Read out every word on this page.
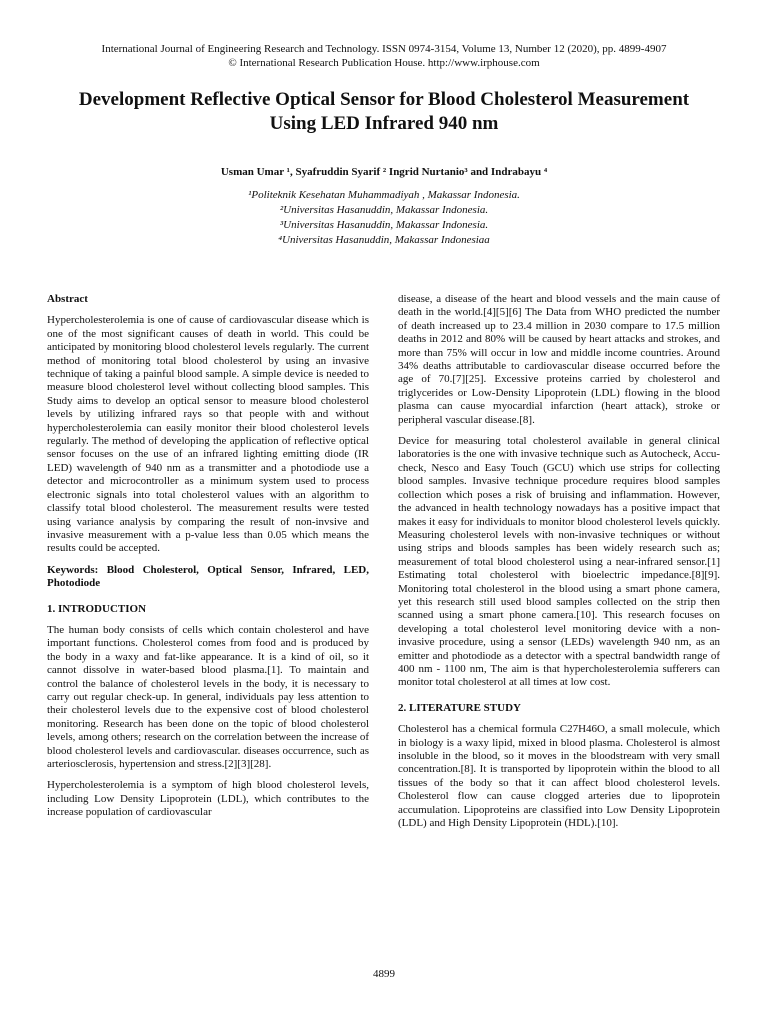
International Journal of Engineering Research and Technology. ISSN 0974-3154, Volume 13, Number 12 (2020), pp. 4899-4907
© International Research Publication House. http://www.irphouse.com
Development Reflective Optical Sensor for Blood Cholesterol Measurement
Using LED Infrared 940 nm
Usman Umar ¹, Syafruddin Syarif ² Ingrid Nurtanio³ and Indrabayu ⁴
¹Politeknik Kesehatan Muhammadiyah , Makassar Indonesia.
²Universitas Hasanuddin, Makassar Indonesia.
³Universitas Hasanuddin, Makassar Indonesia.
⁴Universitas Hasanuddin, Makassar Indonesiaa
Abstract

Hypercholesterolemia is one of cause of cardiovascular disease which is one of the most significant causes of death in world. This could be anticipated by monitoring blood cholesterol levels regularly. The current method of monitoring total blood cholesterol by using an invasive technique of taking a painful blood sample. A simple device is needed to measure blood cholesterol level without collecting blood samples. This Study aims to develop an optical sensor to measure blood cholesterol levels by utilizing infrared rays so that people with and without hypercholesterolemia can easily monitor their blood cholesterol levels regularly. The method of developing the application of reflective optical sensor focuses on the use of an infrared lighting emitting diode (IR LED) wavelength of 940 nm as a transmitter and a photodiode use a detector and microcontroller as a minimum system used to process electronic signals into total cholesterol values with an algorithm to classify total blood cholesterol. The measurement results were tested using variance analysis by comparing the result of non-invsive and invasive measurement with a p-value less than 0.05 which means the results could be accepted.

Keywords: Blood Cholesterol, Optical Sensor, Infrared, LED, Photodiode

1. INTRODUCTION

The human body consists of cells which contain cholesterol and have important functions. Cholesterol comes from food and is produced by the body in a waxy and fat-like appearance. It is a kind of oil, so it cannot dissolve in water-based blood plasma.[1]. To maintain and control the balance of cholesterol levels in the body, it is necessary to carry out regular check-up. In general, individuals pay less attention to their cholesterol levels due to the expensive cost of blood cholesterol monitoring. Research has been done on the topic of blood cholesterol levels, among others; research on the correlation between the increase of blood cholesterol levels and cardiovascular. diseases occurrence, such as arteriosclerosis, hypertension and stress.[2][3][28].

Hypercholesterolemia is a symptom of high blood cholesterol levels, including Low Density Lipoprotein (LDL), which contributes to the increase population of cardiovascular

disease, a disease of the heart and blood vessels and the main cause of death in the world.[4][5][6] The Data from WHO predicted the number of death increased up to 23.4 million in 2030 compare to 17.5 million deaths in 2012 and 80% will be caused by heart attacks and strokes, and more than 75% will occur in low and middle income countries. Around 34% deaths attributable to cardiovascular disease occurred before the age of 70.[7][25]. Excessive proteins carried by cholesterol and triglycerides or Low-Density Lipoprotein (LDL) flowing in the blood plasma can cause myocardial infarction (heart attack), stroke or peripheral vascular disease.[8].

Device for measuring total cholesterol available in general clinical laboratories is the one with invasive technique such as Autocheck, Accu-check, Nesco and Easy Touch (GCU) which use strips for collecting blood samples. Invasive technique procedure requires blood samples collection which poses a risk of bruising and inflammation. However, the advanced in health technology nowadays has a positive impact that makes it easy for individuals to monitor blood cholesterol levels quickly. Measuring cholesterol levels with non-invasive techniques or without using strips and bloods samples has been widely research such as; measurement of total blood cholesterol using a near-infrared sensor.[1] Estimating total cholesterol with bioelectric impedance.[8][9]. Monitoring total cholesterol in the blood using a smart phone camera, yet this research still used blood samples collected on the strip then scanned using a smart phone camera.[10]. This research focuses on developing a total cholesterol level monitoring device with a non-invasive procedure, using a sensor (LEDs) wavelength 940 nm, as an emitter and photodiode as a detector with a spectral bandwidth range of 400 nm - 1100 nm, The aim is that hypercholesterolemia sufferers can monitor total cholesterol at all times at low cost.

2. LITERATURE STUDY

Cholesterol has a chemical formula C27H46O, a small molecule, which in biology is a waxy lipid, mixed in blood plasma. Cholesterol is almost insoluble in the blood, so it moves in the bloodstream with very small concentration.[8]. It is transported by lipoprotein within the blood to all tissues of the body so that it can affect blood cholesterol levels. Cholesterol flow can cause clogged arteries due to lipoprotein accumulation. Lipoproteins are classified into Low Density Lipoprotein (LDL) and High Density Lipoprotein (HDL).[10].

4899
